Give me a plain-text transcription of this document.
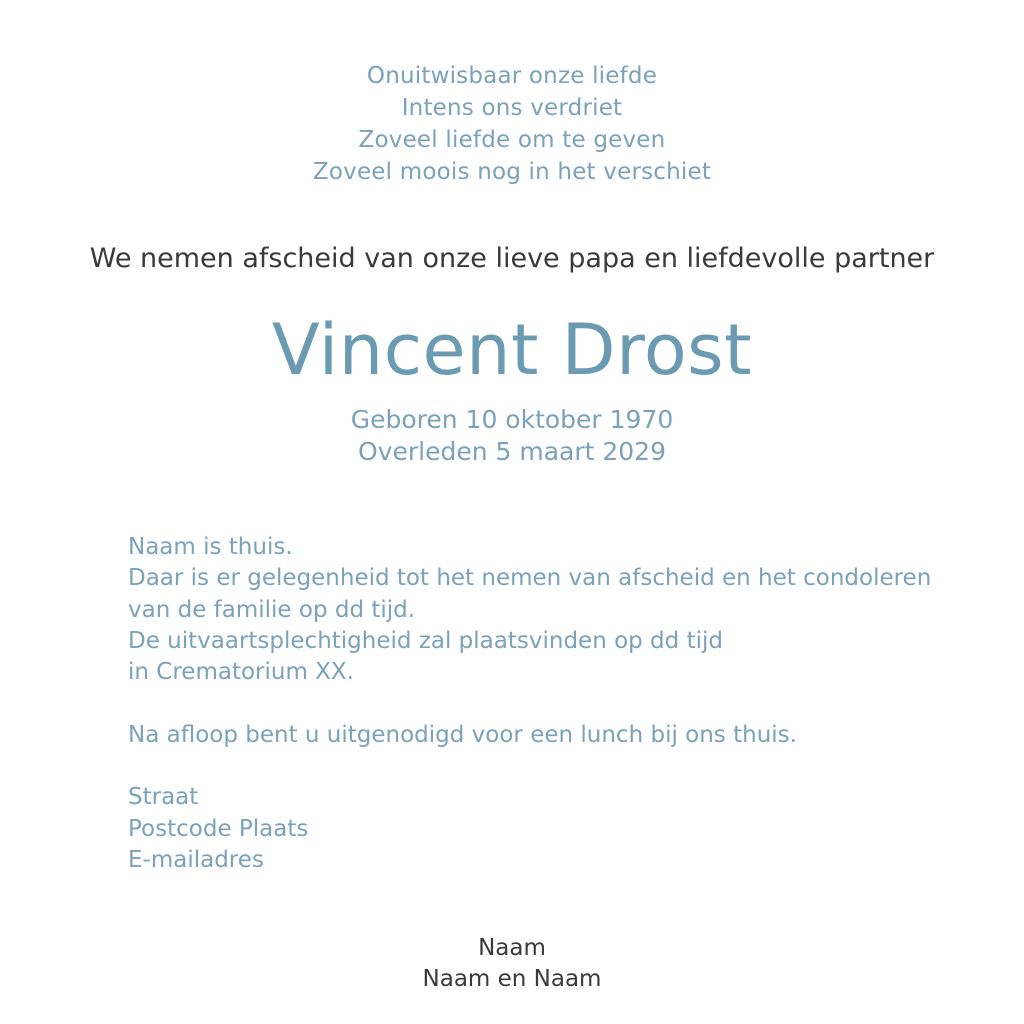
Onuitwisbaar onze liefde
Intens ons verdriet
Zoveel liefde om te geven
Zoveel moois nog in het verschiet
We nemen afscheid van onze lieve papa en liefdevolle partner
Vincent Drost
Geboren 10 oktober 1970
Overleden 5 maart 2029
Naam is thuis.
Daar is er gelegenheid tot het nemen van afscheid en het condoleren
van de familie op dd tijd.
De uitvaartsplechtigheid zal plaatsvinden op dd tijd
in Crematorium XX.
Na afloop bent u uitgenodigd voor een lunch bij ons thuis.
Straat
Postcode Plaats
E-mailadres
Naam
Naam en Naam
